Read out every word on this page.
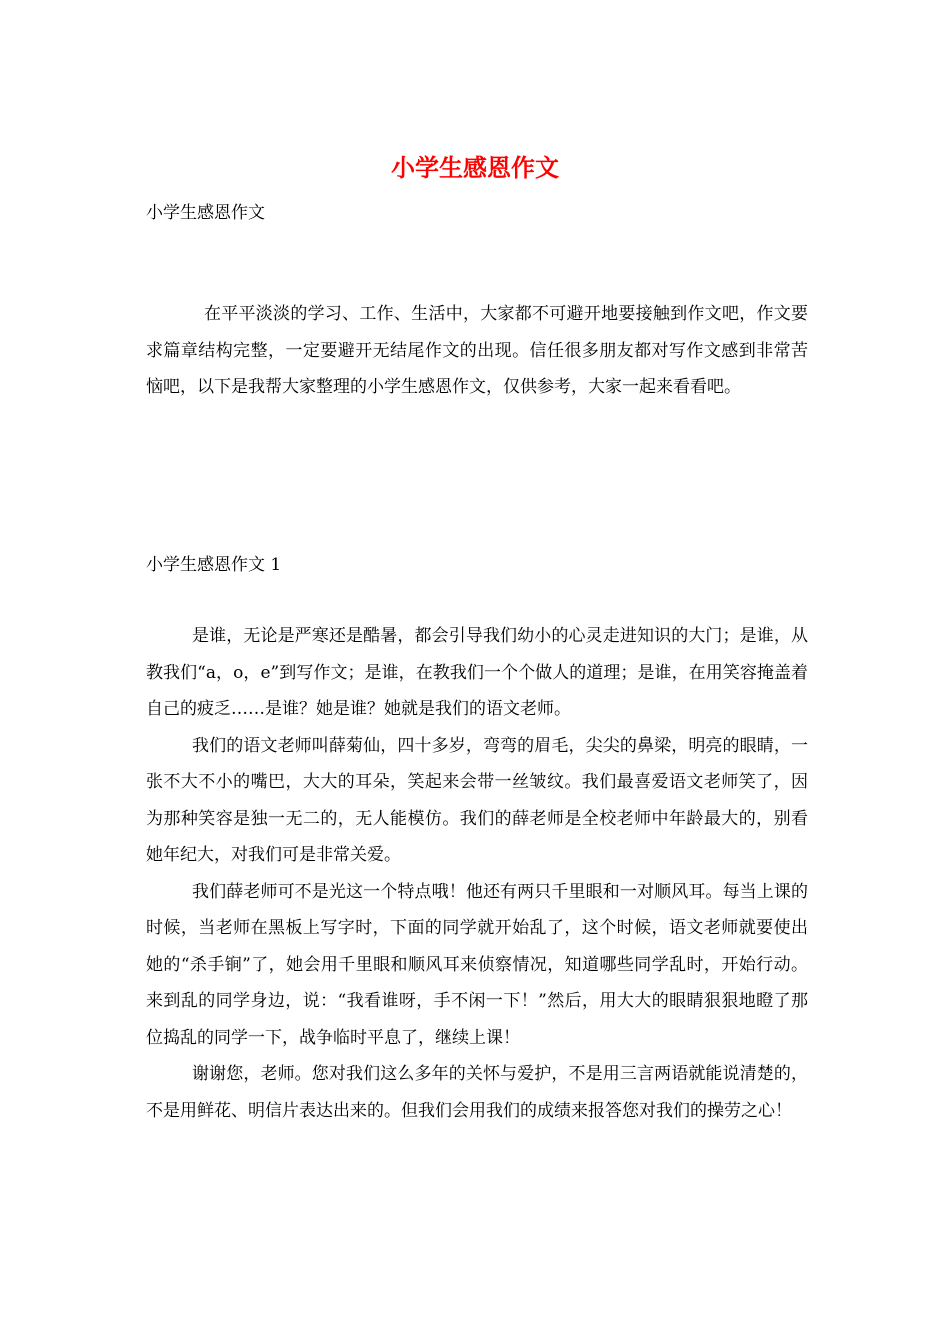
小学生感恩作文

小学生感恩作文

在平平淡淡的学习、工作、生活中，大家都不可避开地要接触到作文吧，作文要求篇章结构完整，一定要避开无结尾作文的出现。信任很多朋友都对写作文感到非常苦恼吧，以下是我帮大家整理的小学生感恩作文，仅供参考，大家一起来看看吧。

小学生感恩作文 1

是谁，无论是严寒还是酷暑，都会引导我们幼小的心灵走进知识的大门；是谁，从教我们“a，o，e”到写作文；是谁，在教我们一个个做人的道理；是谁，在用笑容掩盖着自己的疲乏……是谁？她是谁？她就是我们的语文老师。

我们的语文老师叫薛菊仙，四十多岁，弯弯的眉毛，尖尖的鼻梁，明亮的眼睛，一张不大不小的嘴巴，大大的耳朵，笑起来会带一丝皱纹。我们最喜爱语文老师笑了，因为那种笑容是独一无二的，无人能模仿。我们的薛老师是全校老师中年龄最大的，别看她年纪大，对我们可是非常关爱。

我们薛老师可不是光这一个特点哦！他还有两只千里眼和一对顺风耳。每当上课的时候，当老师在黑板上写字时，下面的同学就开始乱了，这个时候，语文老师就要使出她的“杀手锏”了，她会用千里眼和顺风耳来侦察情况，知道哪些同学乱时，开始行动。来到乱的同学身边，说：“我看谁呀，手不闲一下！”然后，用大大的眼睛狠狠地瞪了那位捣乱的同学一下，战争临时平息了，继续上课！

谢谢您，老师。您对我们这么多年的关怀与爱护，不是用三言两语就能说清楚的，不是用鲜花、明信片表达出来的。但我们会用我们的成绩来报答您对我们的操劳之心！
